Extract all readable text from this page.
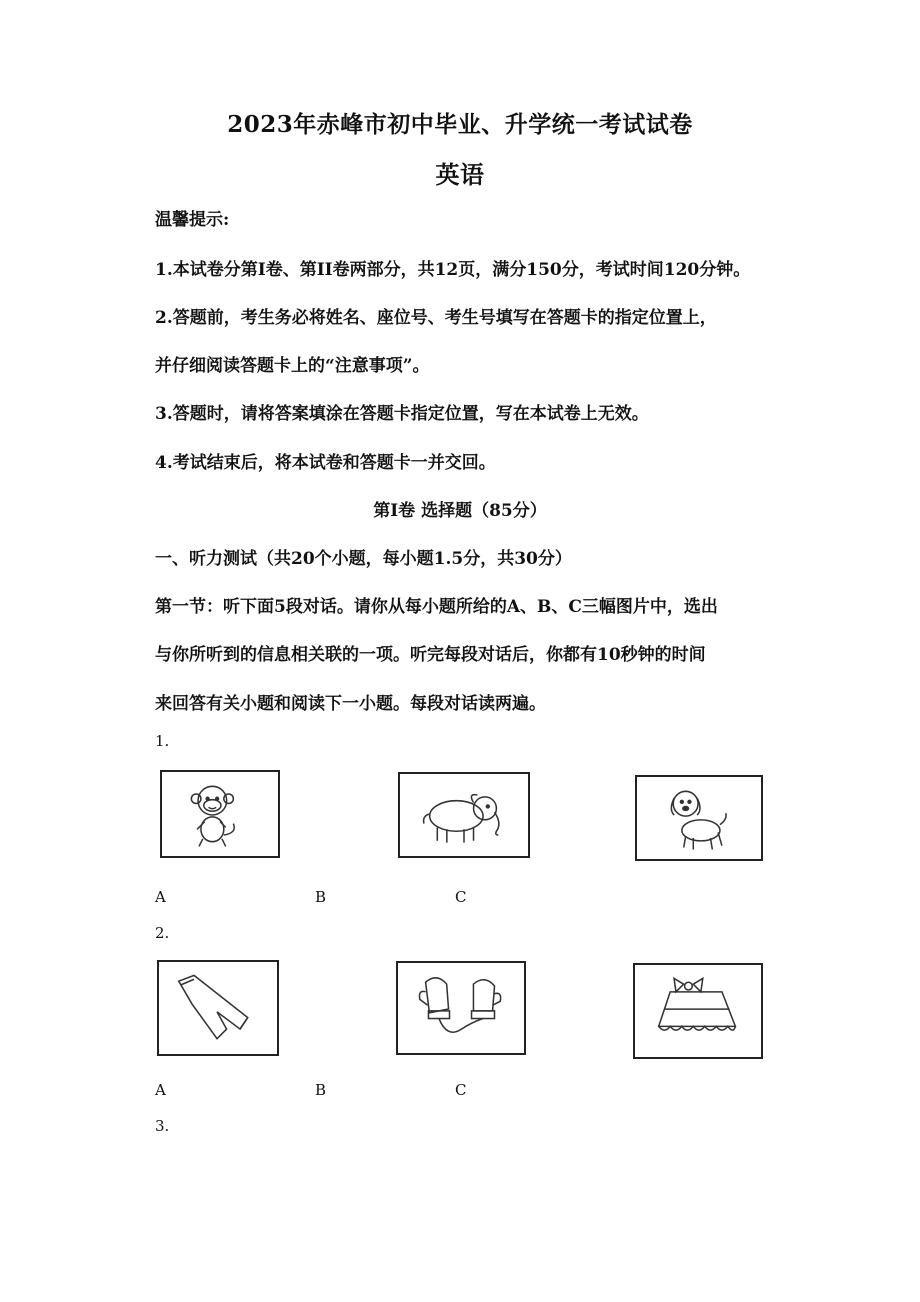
2023年赤峰市初中毕业、升学统一考试试卷
英语
温馨提示:
1.本试卷分第I卷、第II卷两部分，共12页，满分150分，考试时间120分钟。
2.答题前，考生务必将姓名、座位号、考生号填写在答题卡的指定位置上，
并仔细阅读答题卡上的“注意事项”。
3.答题时，请将答案填涂在答题卡指定位置，写在本试卷上无效。
4.考试结束后，将本试卷和答题卡一并交回。
第I卷 选择题（85分）
一、听力测试（共20个小题，每小题1.5分，共30分）
第一节：听下面5段对话。请你从每小题所给的A、B、C三幅图片中，选出
与你所听到的信息相关联的一项。听完每段对话后，你都有10秒钟的时间
来回答有关小题和阅读下一小题。每段对话读两遍。
1.
A	B	C
2.
A	B	C
3.
